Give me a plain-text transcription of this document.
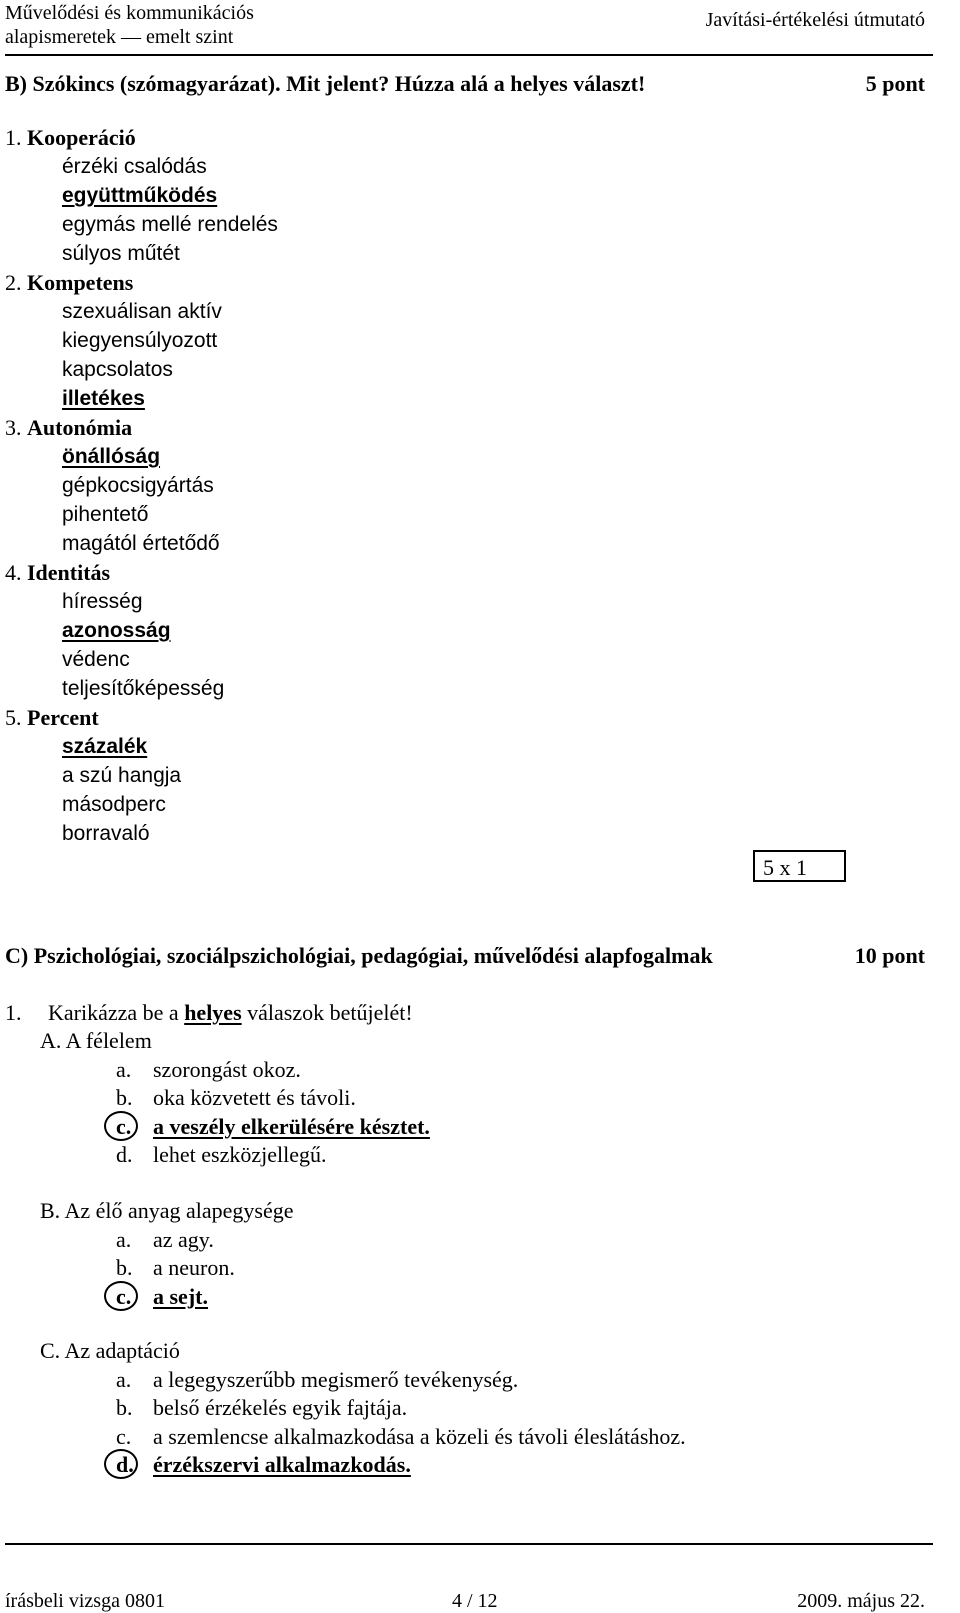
Művelődési és kommunikációs
alapismeretek — emelt szint
Javítási-értékelési útmutató
B) Szókincs (szómagyarázat). Mit jelent? Húzza alá a helyes választ!	5 pont
1. Kooperáció
érzéki csalódás
együttműködés
egymás mellé rendelés
súlyos műtét
2. Kompetens
szexuálisan aktív
kiegyensúlyozott
kapcsolatos
illetékes
3. Autonómia
önállóság
gépkocsigyártás
pihentető
magától értetődő
4. Identitás
híresség
azonosság
védenc
teljesítőképesség
5. Percent
százalék
a szú hangja
másodperc
borravaló
5 x 1
C) Pszichológiai, szociálpszichológiai, pedagógiai, művelődési alapfogalmak	10 pont
1. Karikázza be a helyes válaszok betűjelét!
A. A félelem
a. szorongást okoz.
b. oka közvetett és távoli.
c. a veszély elkerülésére késztet.
d. lehet eszközjellegű.
B. Az élő anyag alapegysége
a. az agy.
b. a neuron.
c. a sejt.
C. Az adaptáció
a. a legegyszerűbb megismerő tevékenység.
b. belső érzékelés egyik fajtája.
c. a szemlencse alkalmazkodása a közeli és távoli éleslátáshoz.
d. érzékszervi alkalmazkodás.
írásbeli vizsga 0801	4 / 12	2009. május 22.
